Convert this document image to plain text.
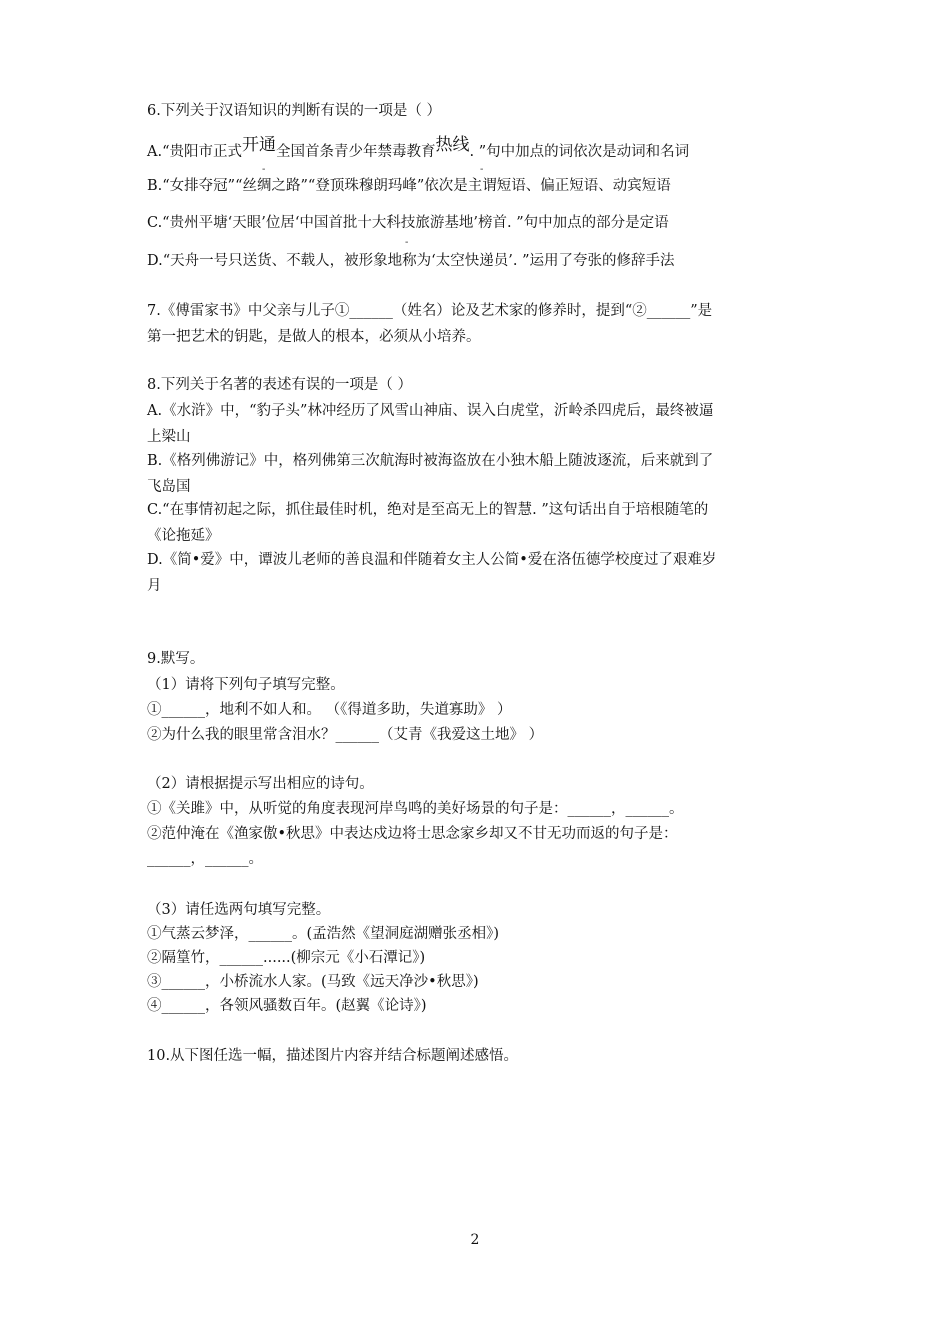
6.下列关于汉语知识的判断有误的一项是（ ）
A.“贵阳市正式开通全国首条青少年禁毒教育热线. ”句中加点的词依次是动词和名词
-	-
B.“女排夺冠”“丝绸之路”“登顶珠穆朗玛峰”依次是主谓短语、偏正短语、动宾短语
C.“贵州平塘‘天眼’位居‘中国首批十大科技旅游基地’榜首. ”句中加点的部分是定语
-
D.“天舟一号只送货、不载人，被形象地称为‘太空快递员’. ”运用了夸张的修辞手法
7.《傅雷家书》中父亲与儿子①______（姓名）论及艺术家的修养时，提到“②______”是
第一把艺术的钥匙，是做人的根本，必须从小培养。
8.下列关于名著的表述有误的一项是（ ）
A.《水浒》中，“豹子头”林冲经历了风雪山神庙、误入白虎堂，沂岭杀四虎后，最终被逼
上梁山
B.《格列佛游记》中，格列佛第三次航海时被海盗放在小独木船上随波逐流，后来就到了
飞岛国
C.“在事情初起之际，抓住最佳时机，绝对是至高无上的智慧. ”这句话出自于培根随笔的
《论拖延》
D.《简•爱》中，谭波儿老师的善良温和伴随着女主人公简•爱在洛伍德学校度过了艰难岁
月
9.默写。
（1）请将下列句子填写完整。
①______，地利不如人和。 （《得道多助，失道寡助》 ）
②为什么我的眼里常含泪水？______（艾青《我爱这土地》 ）
（2）请根据提示写出相应的诗句。
①《关雎》中，从听觉的角度表现河岸鸟鸣的美好场景的句子是：______，______。
②范仲淹在《渔家傲•秋思》中表达戍边将士思念家乡却又不甘无功而返的句子是：
______，______。
（3）请任选两句填写完整。
①气蒸云梦泽，______。(孟浩然《望洞庭湖赠张丞相》)
②隔篁竹，______......(柳宗元《小石潭记》)
③______，小桥流水人家。(马致《远天净沙•秋思》)
④______，各领风骚数百年。(赵翼《论诗》)
10.从下图任选一幅，描述图片内容并结合标题阐述感悟。
2
